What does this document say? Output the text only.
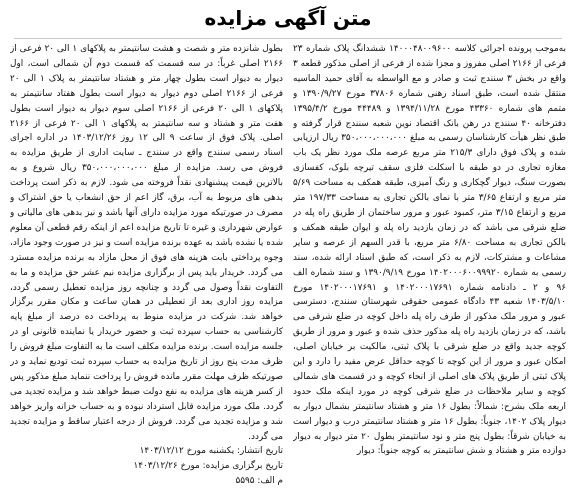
متن آگهی مزایده

به‌موجب پرونده اجرائی کلاسه ۱۴۰۰۰۴۸۰۰۹۶۰۰ ششدانگ پلاک شماره ۲۳ فرعی از ۲۱۶۶ اصلی مفروز و مجزا شده از فرعی از اصلی مذکور قطعه ۳ واقع در بخش ۳ سنندج ثبت و صادر و مع الواسطه به آقای حمید الماسیه منتقل شده است، طبق اسناد رهنی شماره ۳۷۸۰۶ مورخ ۱۳۹۰/۹/۲۷ و متمم های شماره ۴۳۳۶۰ مورخ ۱۳۹۴/۱۱/۲۸ و ۴۴۴۸۹ مورخ ۱۳۹۵/۴/۲ دفترخانه ۴۰ سنندج در رهن بانک اقتصاد نوین شعبه سنندج قرار گرفته و طبق نظر هیأت کارشناسان رسمی به مبلغ ۳۵۰،۰۰۰،۰۰۰،۰۰۰ ریال ارزیابی شده و پلاک فوق دارای ۲۱۵/۳ متر مربع عرصه ملک مورد نظر یک باب مغازه تجاری در دو طبقه با اسکلت فلزی سقف تیرچه بلوک، کفسازی بصورت سنگ، دیوار گچکاری و رنگ آمیزی، طبقه همکف به مساحت ۵/۶۹ متر مربع و ارتفاع ۳/۶۵ متر با نمای بالکن تجاری به مساحت ۱۹۷/۳۳ متر مربع و ارتفاع ۳/۱۵ متر، کمبود عبور و مرور ساختمان از طریق راه پله در ضلع شرقی می باشد که در زمان بازدید راه پله و ایوان طبقه همکف و بالکن تجاری به مساحت ۶/۸۰ متر مربع، با قدر السهم از عرصه و سایر مشاعات و مشترکات، لازم به ذکر است، که طبق اسناد ارائه شده، سند رسمی به شماره ۱۴۰۲۰۰۰۶۰۰۹۹۹۲۰ مورخ ۱۳۹۰/۹/۱۹ و سند شماره الف ۹۶ و ۲ ـ دادنامه شماره ۱۴۰۲۰۰۰۱۷۶۹۱ و ۱۴۰۲۰۰۰۱۷۶۹۱ مورخ ۱۴۰۳/۵/۱۰ شعبه ۴۳ دادگاه عمومی حقوقی شهرستان سنندج، دسترسی عبور و مرور ملک مذکور از طرف راه پله داخل کوچه در ضلع شرقی می باشد، که در زمان بازدید راه پله مذکور حذف شده و عبور و مرور از طریق کوچه جدید واقع در ضلع شرقی با پلاک ثبتی، مالکیت بر خیابان اصلی، امکان عبور و مرور از این کوچه تا کوچه حداقل عرض مفید را دارد و این پلاک ثبتی از طریق پلاک های اصلی از انحاء کوچه و در قسمت های شمالی کوچه و سایر ملاحظات در ضلع شرقی کوچه در مورد اینکه ملک حدود اربعه ملک بشرح: شمالاً: بطول ۱۶ متر و هشتاد سانتیمتر بشمال دیوار به دیوار پلاک ۱۴۰۲، جنوباً: بطول ۱۶ متر و هشتاد سانتیمتر درب و دیوار است به خیابان شرقاً: بطول پنج متر و نود سانتیمتر بطول ۲۰ متر دیوار به دیوار دوازده متر و هشتاد و شش سانتیمتر به کوچه جنوباً: دیوار

بطول شانزده متر و شصت و هشت سانتیمتر به پلاکهای ۱ الی ۲۰ فرعی از ۲۱۶۶ اصلی غرباً: در سه قسمت که قسمت دوم آن شمالی است، اول دیوار به دیوار است بطول چهار متر و هشتاد سانتیمتر به پلاک ۱ الی ۲۰ فرعی از ۲۱۶۶ اصلی دوم دیوار به دیوار است بطول هفتاد سانتیمتر به پلاکهای ۱ الی ۲۰ فرعی از ۲۱۶۶ اصلی سوم دیوار به دیوار است بطول هفت متر و هشتاد و سه سانتیمتر به پلاکهای ۱ الی ۲۰ فرعی از ۲۱۶۶ اصلی. پلاک فوق از ساعت ۹ الی ۱۲ روز ۱۴۰۳/۱۲/۲۶ در اداره اجرای اسناد رسمی سنندج واقع در سنندج ـ سایت اداری از طریق مزایده به فروش می رسد. مزایده از مبلغ ۳۵۰،۰۰۰،۰۰۰،۰۰۰ ریال شروع و به بالاترین قیمت پیشنهادی نقداً فروخته می شود. لازم به ذکر است پرداخت بدهی های مربوط به آب، برق، گاز اعم از حق انشعاب یا حق اشتراک و مصرف در صورتیکه مورد مزایده دارای آنها باشد و نیز بدهی های مالیاتی و عوارض شهرداری و غیره تا تاریخ مزایده اعم از اینکه رقم قطعی آن معلوم شده یا نشده باشد به عهده برنده مزایده است و نیز در صورت وجود مازاد، وجوه پرداختی بابت هزینه های فوق از محل مازاد به برنده مزایده مسترد می گردد. خریدار باید پس از برگزاری مزایده نیم عشر حق مزایده و ما به التفاوت نقداً وصول می گردد و چنانچه روز مزایده تعطیل رسمی گردد، مزایده روز اداری بعد از تعطیلی در همان ساعت و مکان مقرر برگزار خواهد شد. شرکت در مزایده منوط به پرداخت ده درصد از مبلغ پایه کارشناسی به حساب سپرده ثبت و حضور خریدار یا نماینده قانونی او در جلسه مزایده است. برنده مزایده مکلف است ما به التفاوت مبلغ فروش را ظرف مدت پنج روز از تاریخ مزایده به حساب سپرده ثبت تودیع نماید و در صورتیکه ظرف مهلت مقرر مانده فروش را پرداخت ننماید مبلغ مذکور پس از کسر هزینه های مزایده به نفع دولت ضبط خواهد شد و مزایده تجدید می گردد. ملک مورد مزایده قابل استرداد نبوده و به حساب خزانه واریز خواهد شد و مزایده تجدید می گردد. فروش از درجه اعتبار ساقط و مزایده تجدید می گردد.

تاریخ انتشار: یکشنبه مورخ ۱۴۰۳/۱۲/۱۲

تاریخ برگزاری مزایده: مورخ ۱۴۰۳/۱۲/۲۶

م الف: ۵۵۹۵
